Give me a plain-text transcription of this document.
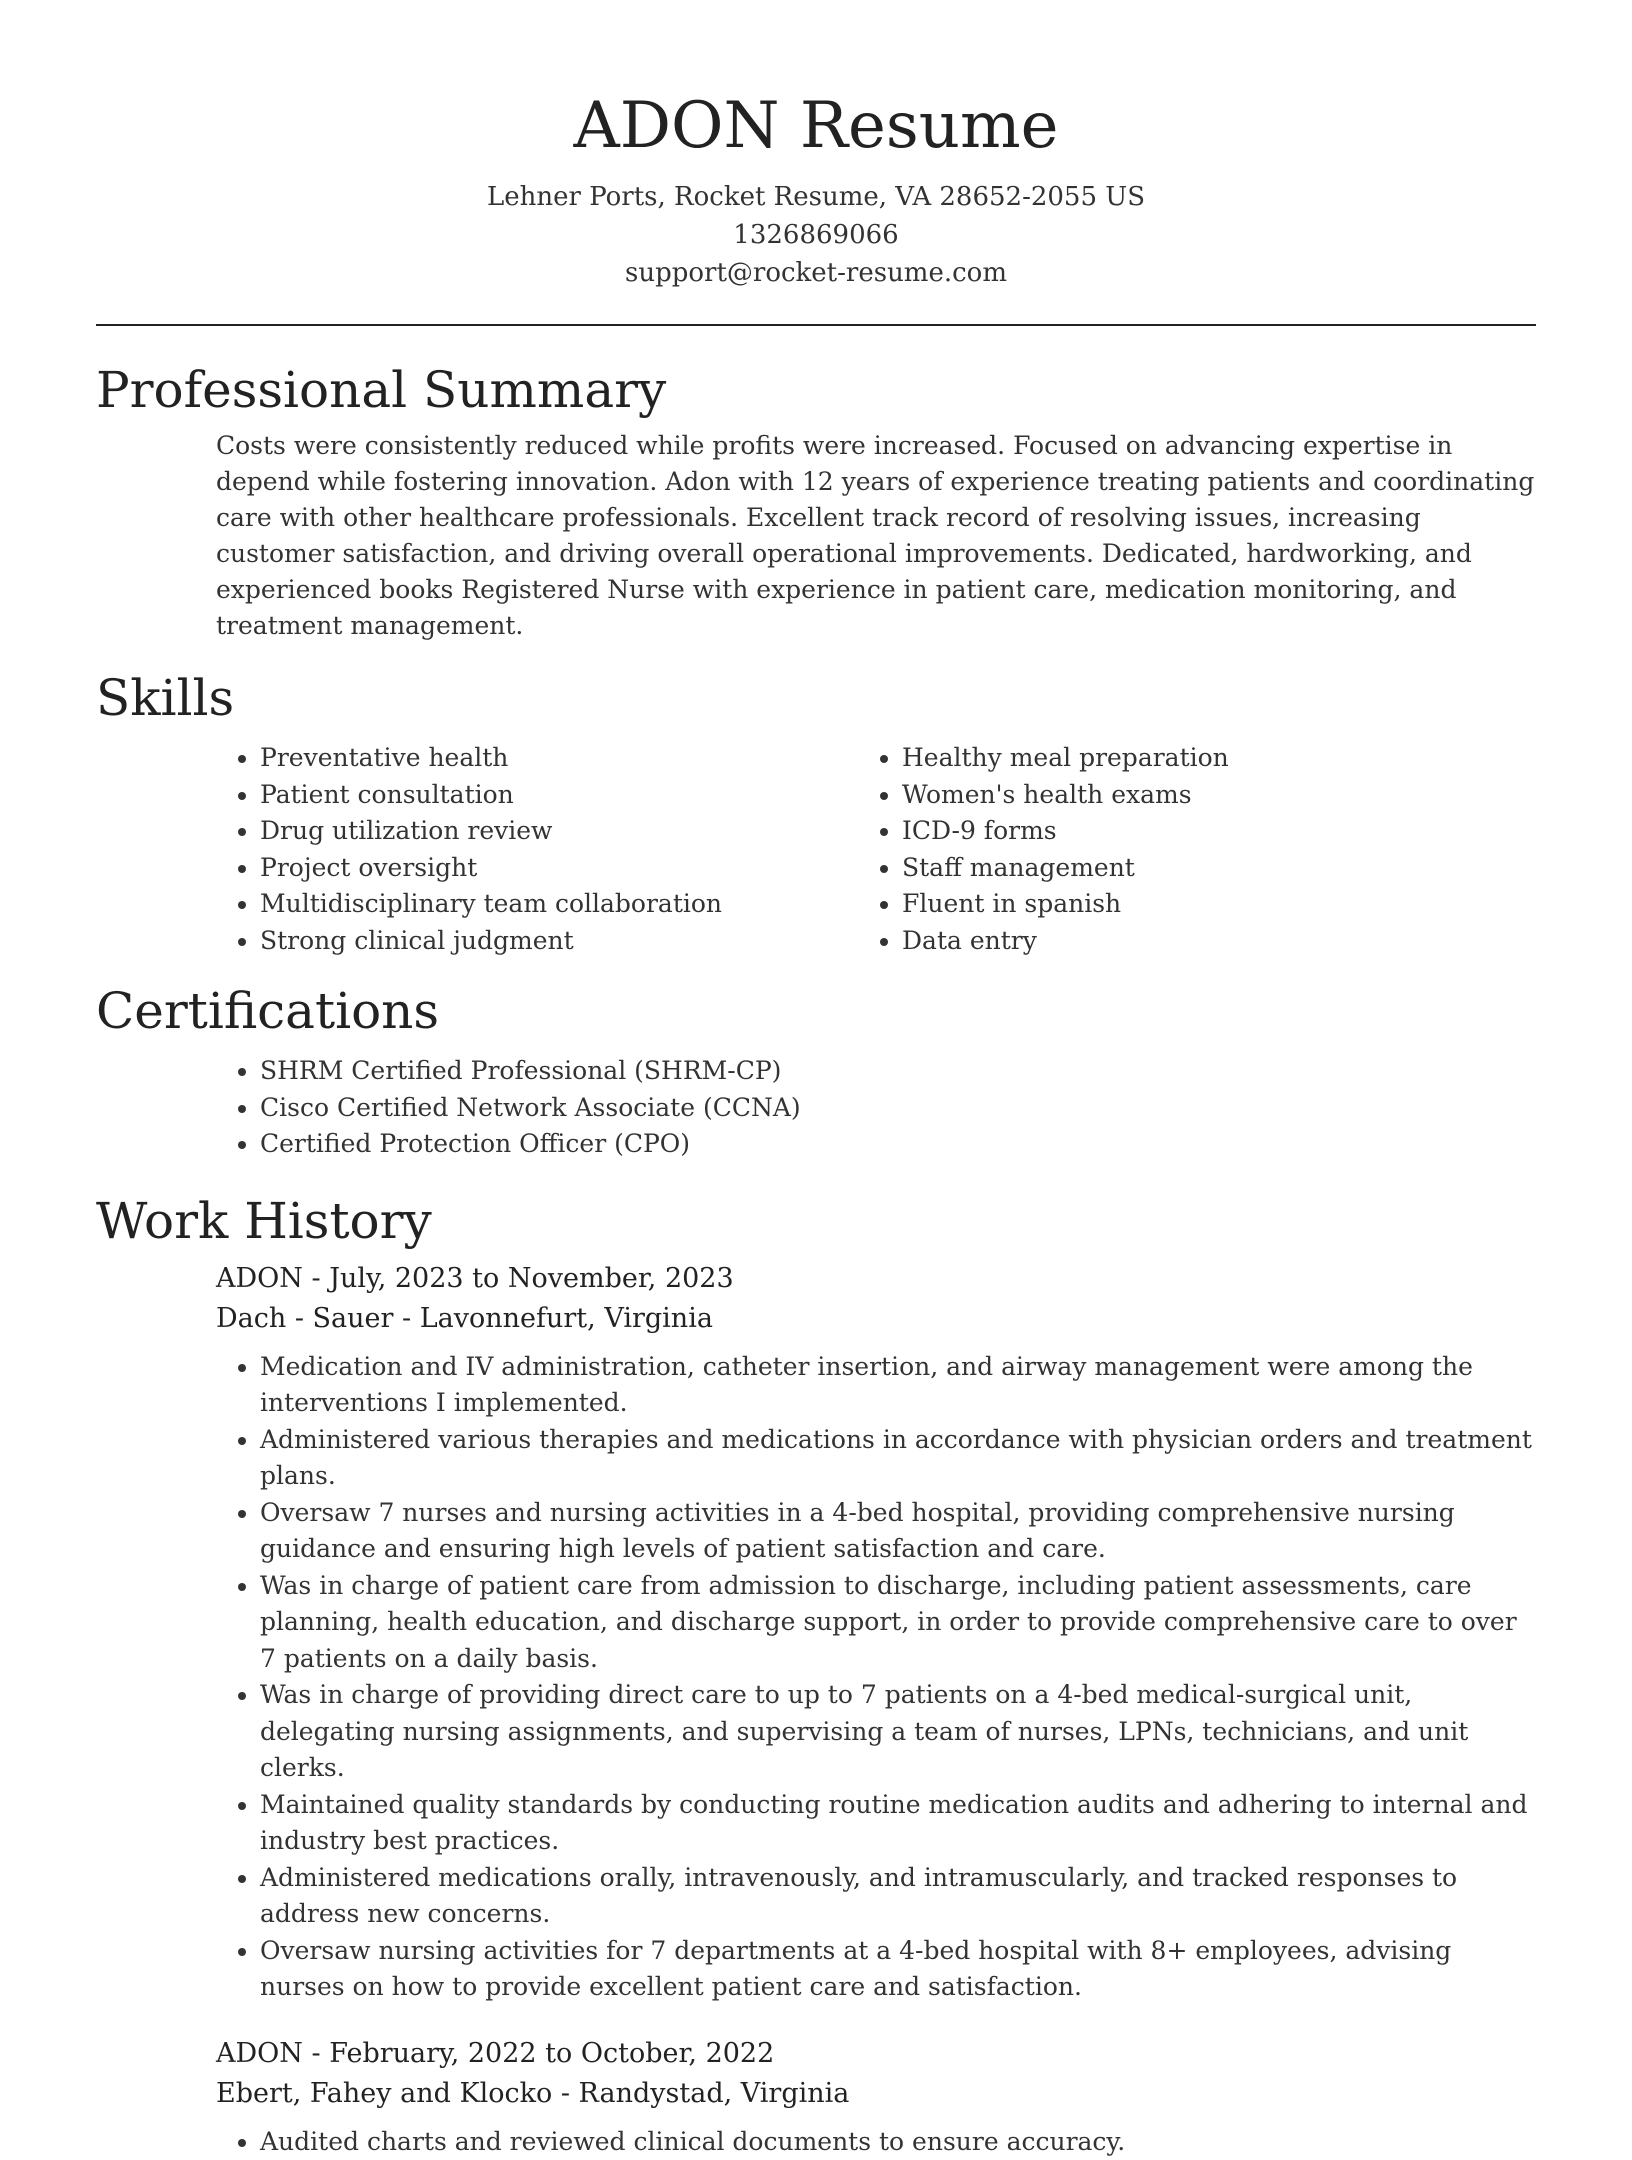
ADON Resume
Lehner Ports, Rocket Resume, VA 28652-2055 US
1326869066
support@rocket-resume.com
Professional Summary

Costs were consistently reduced while profits were increased. Focused on advancing expertise in depend while fostering innovation. Adon with 12 years of experience treating patients and coordinating care with other healthcare professionals. Excellent track record of resolving issues, increasing customer satisfaction, and driving overall operational improvements. Dedicated, hardworking, and experienced books Registered Nurse with experience in patient care, medication monitoring, and treatment management.

Skills
• Preventative health
• Patient consultation
• Drug utilization review
• Project oversight
• Multidisciplinary team collaboration
• Strong clinical judgment
• Healthy meal preparation
• Women's health exams
• ICD-9 forms
• Staff management
• Fluent in spanish
• Data entry
Certifications
• SHRM Certified Professional (SHRM-CP)
• Cisco Certified Network Associate (CCNA)
• Certified Protection Officer (CPO)
Work History
ADON - July, 2023 to November, 2023
Dach - Sauer - Lavonnefurt, Virginia
• Medication and IV administration, catheter insertion, and airway management were among the interventions I implemented.
• Administered various therapies and medications in accordance with physician orders and treatment plans.
• Oversaw 7 nurses and nursing activities in a 4-bed hospital, providing comprehensive nursing guidance and ensuring high levels of patient satisfaction and care.
• Was in charge of patient care from admission to discharge, including patient assessments, care planning, health education, and discharge support, in order to provide comprehensive care to over 7 patients on a daily basis.
• Was in charge of providing direct care to up to 7 patients on a 4-bed medical-surgical unit, delegating nursing assignments, and supervising a team of nurses, LPNs, technicians, and unit clerks.
• Maintained quality standards by conducting routine medication audits and adhering to internal and industry best practices.
• Administered medications orally, intravenously, and intramuscularly, and tracked responses to address new concerns.
• Oversaw nursing activities for 7 departments at a 4-bed hospital with 8+ employees, advising nurses on how to provide excellent patient care and satisfaction.
ADON - February, 2022 to October, 2022
Ebert, Fahey and Klocko - Randystad, Virginia
• Audited charts and reviewed clinical documents to ensure accuracy.
